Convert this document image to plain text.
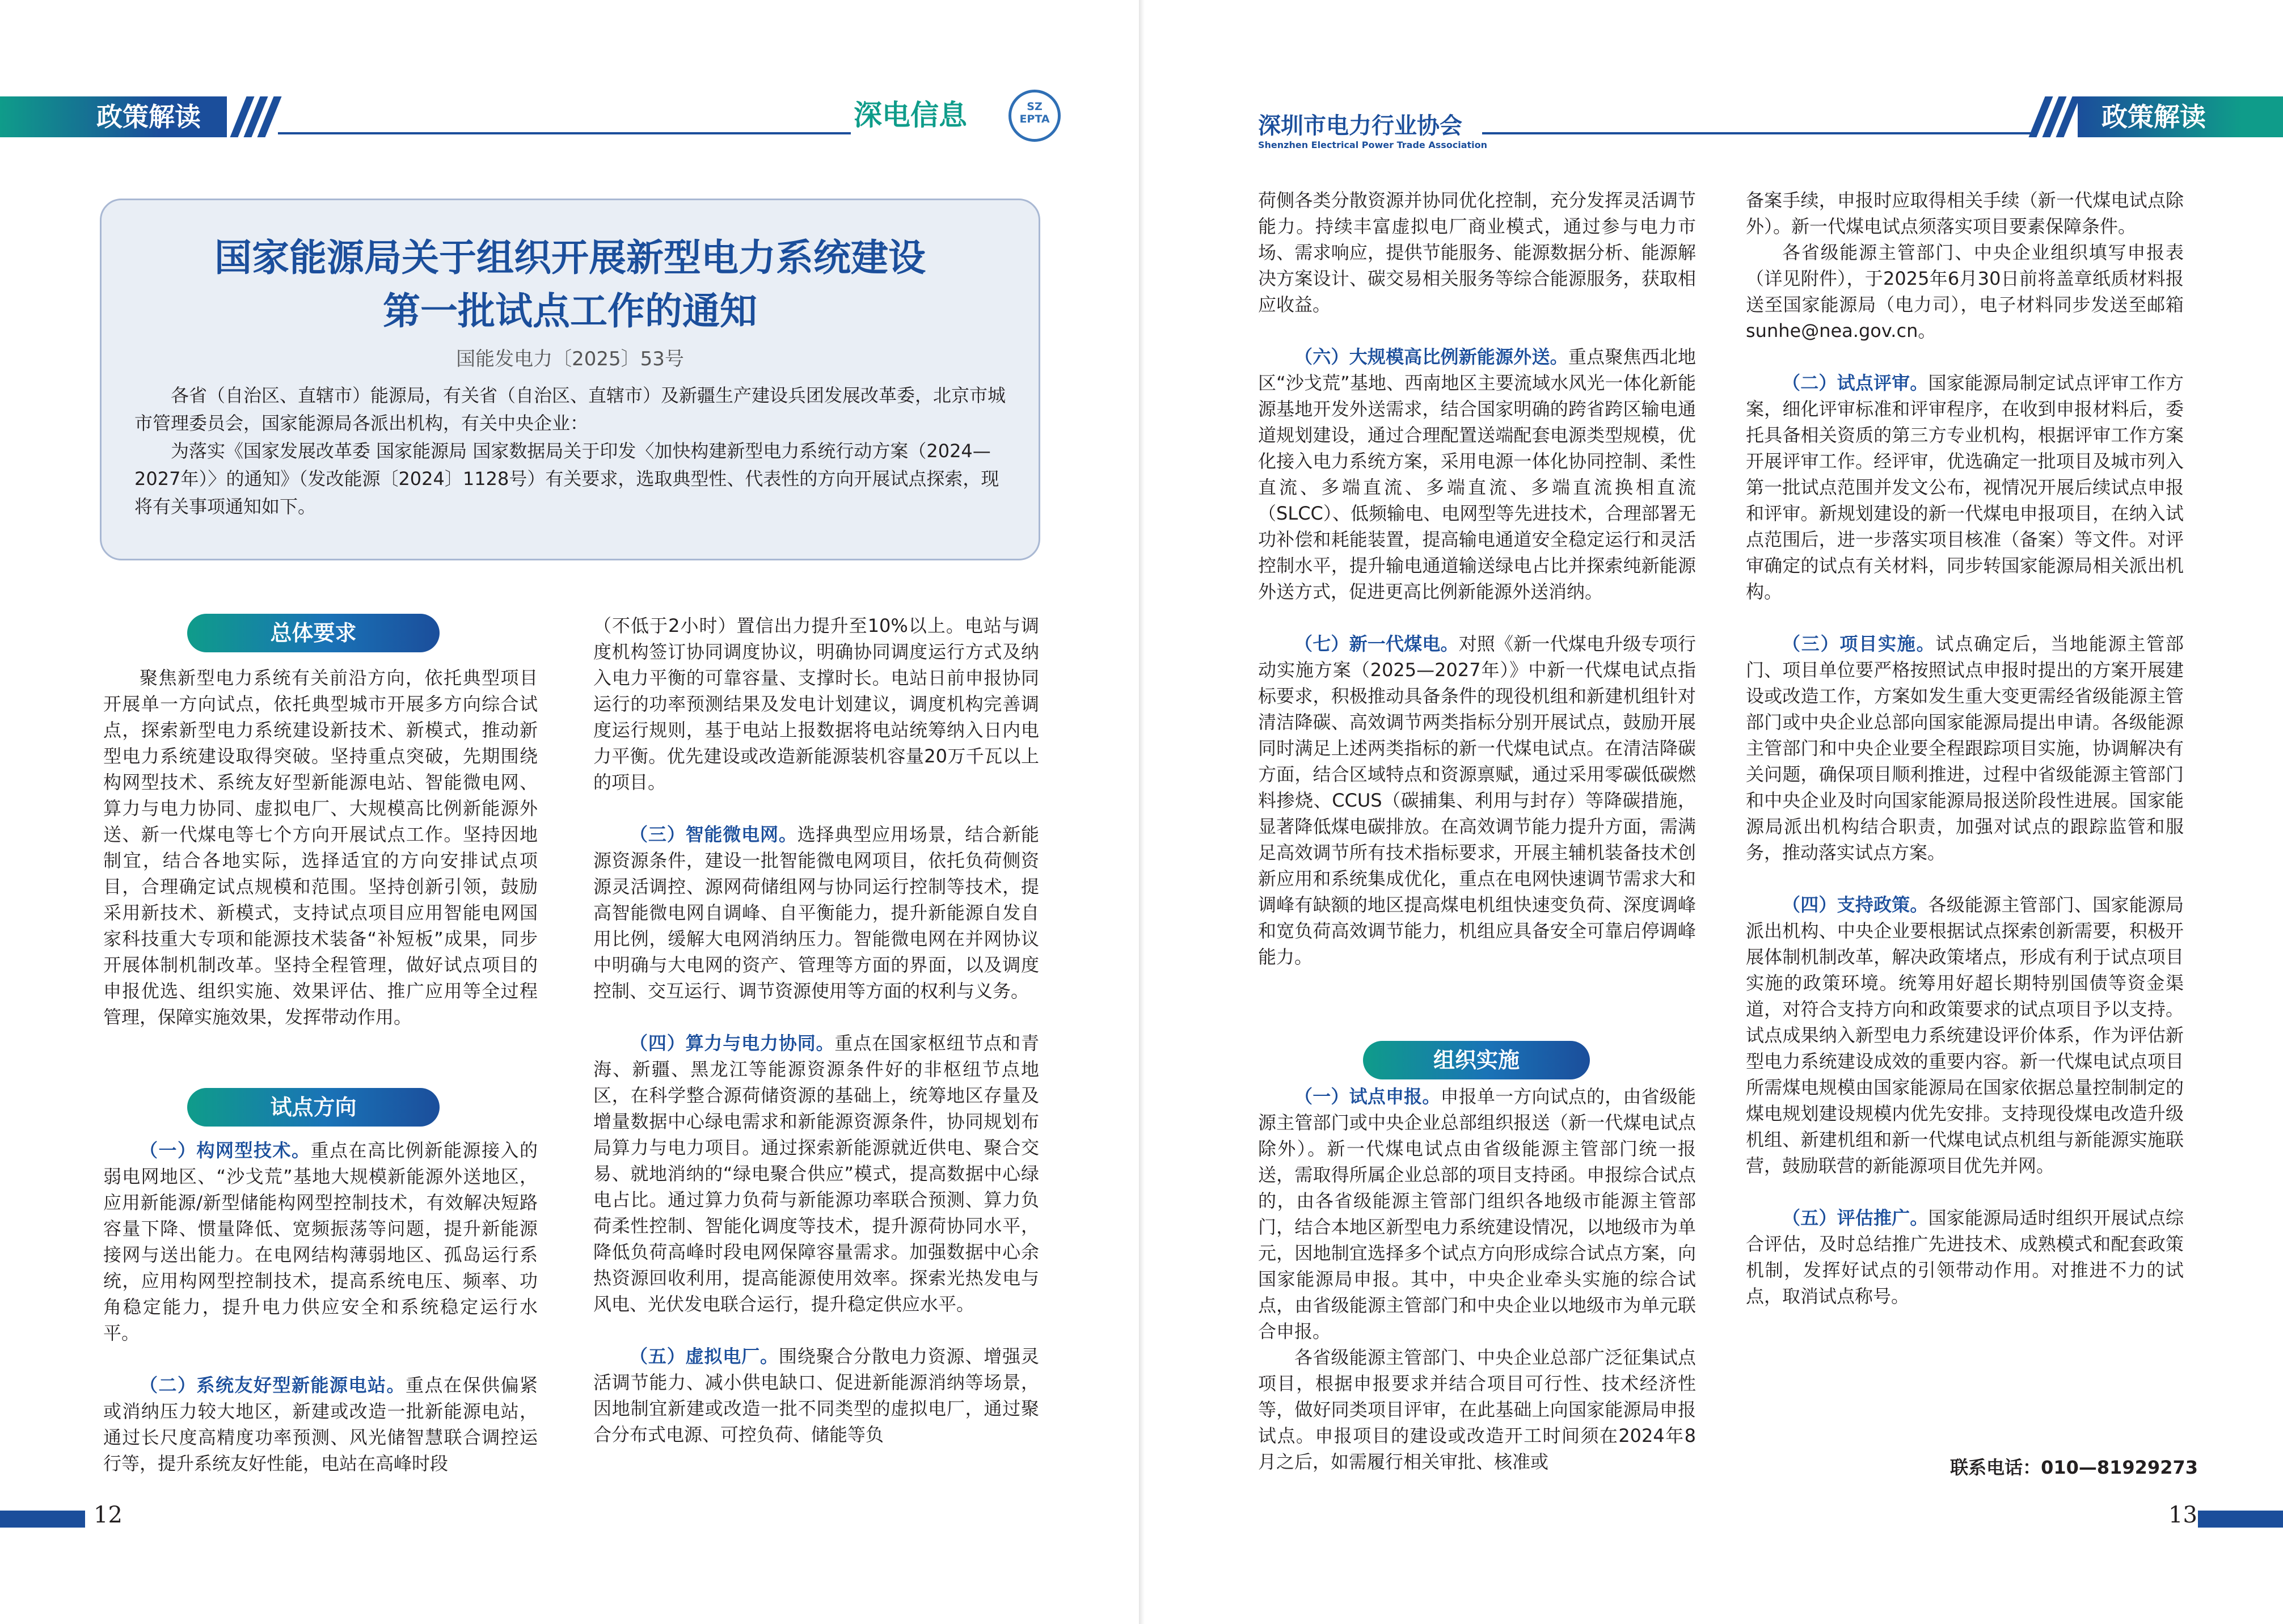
政策解读	深电信息	SZ
EPTA
国家能源局关于组织开展新型电力系统建设
第一批试点工作的通知
国能发电力〔2025〕53号

各省（自治区、直辖市）能源局，有关省（自治区、直辖市）及新疆生产建设兵团发展改革委，北京市城市管理委员会，国家能源局各派出机构，有关中央企业：

为落实《国家发展改革委 国家能源局 国家数据局关于印发〈加快构建新型电力系统行动方案（2024—2027年）〉的通知》（发改能源〔2024〕1128号）有关要求，选取典型性、代表性的方向开展试点探索，现将有关事项通知如下。

总体要求

聚焦新型电力系统有关前沿方向，依托典型项目开展单一方向试点，依托典型城市开展多方向综合试点，探索新型电力系统建设新技术、新模式，推动新型电力系统建设取得突破。坚持重点突破，先期围绕构网型技术、系统友好型新能源电站、智能微电网、算力与电力协同、虚拟电厂、大规模高比例新能源外送、新一代煤电等七个方向开展试点工作。坚持因地制宜，结合各地实际，选择适宜的方向安排试点项目，合理确定试点规模和范围。坚持创新引领，鼓励采用新技术、新模式，支持试点项目应用智能电网国家科技重大专项和能源技术装备“补短板”成果，同步开展体制机制改革。坚持全程管理，做好试点项目的申报优选、组织实施、效果评估、推广应用等全过程管理，保障实施效果，发挥带动作用。

试点方向

（一）构网型技术。重点在高比例新能源接入的弱电网地区、“沙戈荒”基地大规模新能源外送地区，应用新能源/新型储能构网型控制技术，有效解决短路容量下降、惯量降低、宽频振荡等问题，提升新能源接网与送出能力。在电网结构薄弱地区、孤岛运行系统，应用构网型控制技术，提高系统电压、频率、功角稳定能力，提升电力供应安全和系统稳定运行水平。

（二）系统友好型新能源电站。重点在保供偏紧或消纳压力较大地区，新建或改造一批新能源电站，通过长尺度高精度功率预测、风光储智慧联合调控运行等，提升系统友好性能，电站在高峰时段

（不低于2小时）置信出力提升至10%以上。电站与调度机构签订协同调度协议，明确协同调度运行方式及纳入电力平衡的可靠容量、支撑时长。电站日前申报协同运行的功率预测结果及发电计划建议，调度机构完善调度运行规则，基于电站上报数据将电站统筹纳入日内电力平衡。优先建设或改造新能源装机容量20万千瓦以上的项目。

（三）智能微电网。选择典型应用场景，结合新能源资源条件，建设一批智能微电网项目，依托负荷侧资源灵活调控、源网荷储组网与协同运行控制等技术，提高智能微电网自调峰、自平衡能力，提升新能源自发自用比例，缓解大电网消纳压力。智能微电网在并网协议中明确与大电网的资产、管理等方面的界面，以及调度控制、交互运行、调节资源使用等方面的权利与义务。

（四）算力与电力协同。重点在国家枢纽节点和青海、新疆、黑龙江等能源资源条件好的非枢纽节点地区，在科学整合源荷储资源的基础上，统筹地区存量及增量数据中心绿电需求和新能源资源条件，协同规划布局算力与电力项目。通过探索新能源就近供电、聚合交易、就地消纳的“绿电聚合供应”模式，提高数据中心绿电占比。通过算力负荷与新能源功率联合预测、算力负荷柔性控制、智能化调度等技术，提升源荷协同水平，降低负荷高峰时段电网保障容量需求。加强数据中心余热资源回收利用，提高能源使用效率。探索光热发电与风电、光伏发电联合运行，提升稳定供应水平。

（五）虚拟电厂。围绕聚合分散电力资源、增强灵活调节能力、减小供电缺口、促进新能源消纳等场景，因地制宜新建或改造一批不同类型的虚拟电厂，通过聚合分布式电源、可控负荷、储能等负

12
深圳市电力行业协会
Shenzhen Electrical Power Trade Association
政策解读

荷侧各类分散资源并协同优化控制，充分发挥灵活调节能力。持续丰富虚拟电厂商业模式，通过参与电力市场、需求响应，提供节能服务、能源数据分析、能源解决方案设计、碳交易相关服务等综合能源服务，获取相应收益。

（六）大规模高比例新能源外送。重点聚焦西北地区“沙戈荒”基地、西南地区主要流域水风光一体化新能源基地开发外送需求，结合国家明确的跨省跨区输电通道规划建设，通过合理配置送端配套电源类型规模，优化接入电力系统方案，采用电源一体化协同控制、柔性直流、多端直流、多端直流、多端直流换相直流（SLCC）、低频输电、电网型等先进技术，合理部署无功补偿和耗能装置，提高输电通道安全稳定运行和灵活控制水平，提升输电通道输送绿电占比并探索纯新能源外送方式，促进更高比例新能源外送消纳。

（七）新一代煤电。对照《新一代煤电升级专项行动实施方案（2025—2027年）》中新一代煤电试点指标要求，积极推动具备条件的现役机组和新建机组针对清洁降碳、高效调节两类指标分别开展试点，鼓励开展同时满足上述两类指标的新一代煤电试点。在清洁降碳方面，结合区域特点和资源禀赋，通过采用零碳低碳燃料掺烧、CCUS（碳捕集、利用与封存）等降碳措施，显著降低煤电碳排放。在高效调节能力提升方面，需满足高效调节所有技术指标要求，开展主辅机装备技术创新应用和系统集成优化，重点在电网快速调节需求大和调峰有缺额的地区提高煤电机组快速变负荷、深度调峰和宽负荷高效调节能力，机组应具备安全可靠启停调峰能力。

组织实施

（一）试点申报。申报单一方向试点的，由省级能源主管部门或中央企业总部组织报送（新一代煤电试点除外）。新一代煤电试点由省级能源主管部门统一报送，需取得所属企业总部的项目支持函。申报综合试点的，由各省级能源主管部门组织各地级市能源主管部门，结合本地区新型电力系统建设情况，以地级市为单元，因地制宜选择多个试点方向形成综合试点方案，向国家能源局申报。其中，中央企业牵头实施的综合试点，由省级能源主管部门和中央企业以地级市为单元联合申报。

各省级能源主管部门、中央企业总部广泛征集试点项目，根据申报要求并结合项目可行性、技术经济性等，做好同类项目评审，在此基础上向国家能源局申报试点。申报项目的建设或改造开工时间须在2024年8月之后，如需履行相关审批、核准或

备案手续，申报时应取得相关手续（新一代煤电试点除外）。新一代煤电试点须落实项目要素保障条件。

各省级能源主管部门、中央企业组织填写申报表（详见附件），于2025年6月30日前将盖章纸质材料报送至国家能源局（电力司），电子材料同步发送至邮箱sunhe@nea.gov.cn。

（二）试点评审。国家能源局制定试点评审工作方案，细化评审标准和评审程序，在收到申报材料后，委托具备相关资质的第三方专业机构，根据评审工作方案开展评审工作。经评审，优选确定一批项目及城市列入第一批试点范围并发文公布，视情况开展后续试点申报和评审。新规划建设的新一代煤电申报项目，在纳入试点范围后，进一步落实项目核准（备案）等文件。对评审确定的试点有关材料，同步转国家能源局相关派出机构。

（三）项目实施。试点确定后，当地能源主管部门、项目单位要严格按照试点申报时提出的方案开展建设或改造工作，方案如发生重大变更需经省级能源主管部门或中央企业总部向国家能源局提出申请。各级能源主管部门和中央企业要全程跟踪项目实施，协调解决有关问题，确保项目顺利推进，过程中省级能源主管部门和中央企业及时向国家能源局报送阶段性进展。国家能源局派出机构结合职责，加强对试点的跟踪监管和服务，推动落实试点方案。

（四）支持政策。各级能源主管部门、国家能源局派出机构、中央企业要根据试点探索创新需要，积极开展体制机制改革，解决政策堵点，形成有利于试点项目实施的政策环境。统筹用好超长期特别国债等资金渠道，对符合支持方向和政策要求的试点项目予以支持。试点成果纳入新型电力系统建设评价体系，作为评估新型电力系统建设成效的重要内容。新一代煤电试点项目所需煤电规模由国家能源局在国家依据总量控制制定的煤电规划建设规模内优先安排。支持现役煤电改造升级机组、新建机组和新一代煤电试点机组与新能源实施联营，鼓励联营的新能源项目优先并网。

（五）评估推广。国家能源局适时组织开展试点综合评估，及时总结推广先进技术、成熟模式和配套政策机制，发挥好试点的引领带动作用。对推进不力的试点，取消试点称号。

联系电话：010—81929273
13
